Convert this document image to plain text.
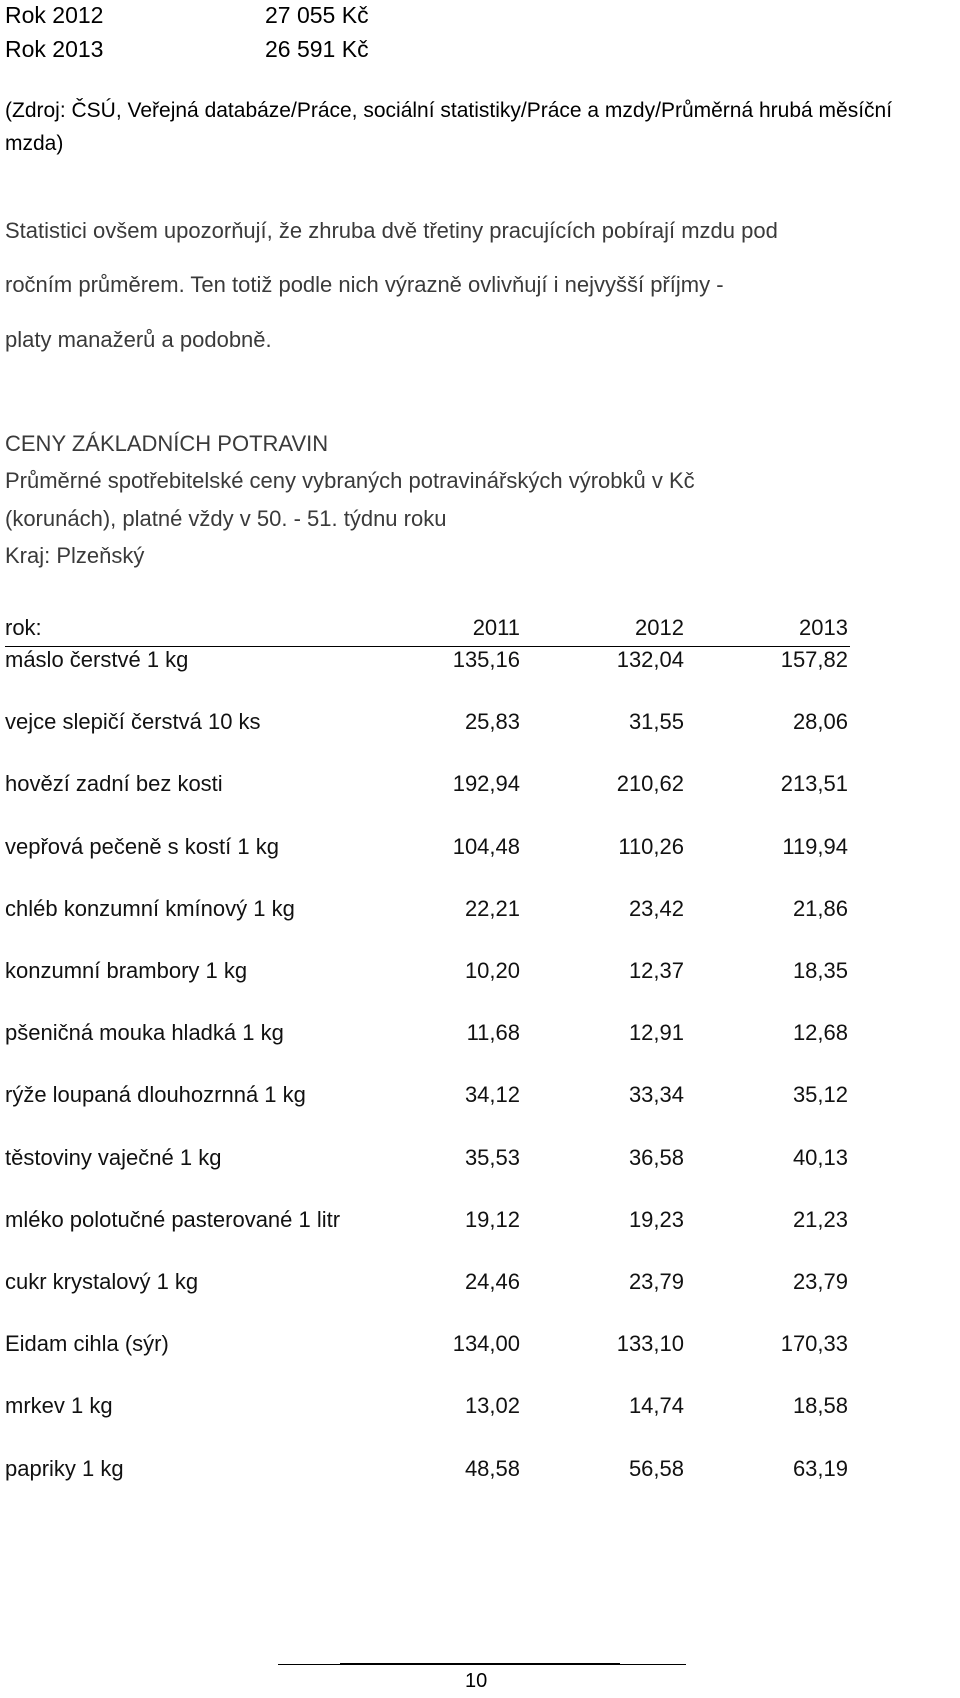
Rok 2012	27 055 Kč
Rok 2013	26 591 Kč
(Zdroj: ČSÚ, Veřejná databáze/Práce, sociální statistiky/Práce a mzdy/Průměrná hrubá měsíční
mzda)
Statistici ovšem upozorňují, že zhruba dvě třetiny pracujících pobírají mzdu pod
ročním průměrem. Ten totiž podle nich výrazně ovlivňují i nejvyšší příjmy -
platy manažerů a podobně.
CENY ZÁKLADNÍCH POTRAVIN
Průměrné spotřebitelské ceny vybraných potravinářských výrobků v Kč
(korunách), platné vždy v 50. - 51. týdnu roku
Kraj: Plzeňský
rok:	2011	2012	2013
máslo čerstvé 1 kg	135,16	132,04	157,82
vejce slepičí čerstvá 10 ks	25,83	31,55	28,06
hovězí zadní bez kosti	192,94	210,62	213,51
vepřová pečeně s kostí 1 kg	104,48	110,26	119,94
chléb konzumní kmínový 1 kg	22,21	23,42	21,86
konzumní brambory 1 kg	10,20	12,37	18,35
pšeničná mouka hladká 1 kg	11,68	12,91	12,68
rýže loupaná dlouhozrnná 1 kg	34,12	33,34	35,12
těstoviny vaječné 1 kg	35,53	36,58	40,13
mléko polotučné pasterované 1 litr	19,12	19,23	21,23
cukr krystalový 1 kg	24,46	23,79	23,79
Eidam cihla (sýr)	134,00	133,10	170,33
mrkev 1 kg	13,02	14,74	18,58
papriky 1 kg	48,58	56,58	63,19
10
